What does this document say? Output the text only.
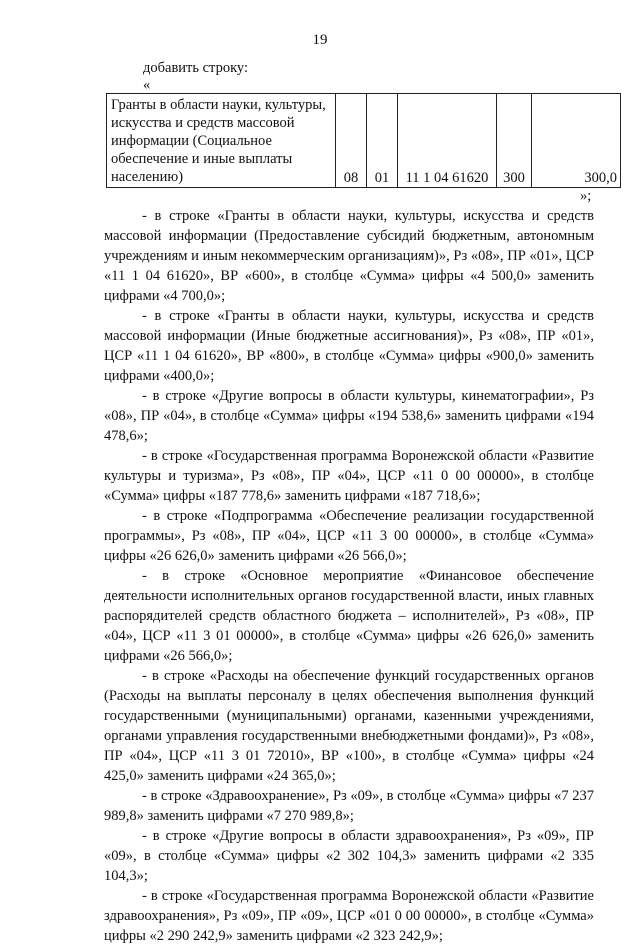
19
добавить строку:
«
Гранты в области науки, культуры, искусства и средств массовой информации (Социальное обеспечение и иные выплаты населению)	08	01	11 1 04 61620	300	300,0
»;

- в строке «Гранты в области науки, культуры, искусства и средств массовой информации (Предоставление субсидий бюджетным, автономным учреждениям и иным некоммерческим организациям)», Рз «08», ПР «01», ЦСР «11 1 04 61620», ВР «600», в столбце «Сумма» цифры «4 500,0» заменить цифрами «4 700,0»;

- в строке «Гранты в области науки, культуры, искусства и средств массовой информации (Иные бюджетные ассигнования)», Рз «08», ПР «01», ЦСР «11 1 04 61620», ВР «800», в столбце «Сумма» цифры «900,0» заменить цифрами «400,0»;

- в строке «Другие вопросы в области культуры, кинематографии», Рз «08», ПР «04», в столбце «Сумма» цифры «194 538,6» заменить цифрами «194 478,6»;

- в строке «Государственная программа Воронежской области «Развитие культуры и туризма», Рз «08», ПР «04», ЦСР «11 0 00 00000», в столбце «Сумма» цифры «187 778,6» заменить цифрами «187 718,6»;

- в строке «Подпрограмма «Обеспечение реализации государственной программы», Рз «08», ПР «04», ЦСР «11 3 00 00000», в столбце «Сумма» цифры «26 626,0» заменить цифрами «26 566,0»;

- в строке «Основное мероприятие «Финансовое обеспечение деятельности исполнительных органов государственной власти, иных главных распорядителей средств областного бюджета – исполнителей», Рз «08», ПР «04», ЦСР «11 3 01 00000», в столбце «Сумма» цифры «26 626,0» заменить цифрами «26 566,0»;

- в строке «Расходы на обеспечение функций государственных органов (Расходы на выплаты персоналу в целях обеспечения выполнения функций государственными (муниципальными) органами, казенными учреждениями, органами управления государственными внебюджетными фондами)», Рз «08», ПР «04», ЦСР «11 3 01 72010», ВР «100», в столбце «Сумма» цифры «24 425,0» заменить цифрами «24 365,0»;

- в строке «Здравоохранение», Рз «09», в столбце «Сумма» цифры «7 237 989,8» заменить цифрами «7 270 989,8»;

- в строке «Другие вопросы в области здравоохранения», Рз «09», ПР «09», в столбце «Сумма» цифры «2 302 104,3» заменить цифрами «2 335 104,3»;

- в строке «Государственная программа Воронежской области «Развитие здравоохранения», Рз «09», ПР «09», ЦСР «01 0 00 00000», в столбце «Сумма» цифры «2 290 242,9» заменить цифрами «2 323 242,9»;
